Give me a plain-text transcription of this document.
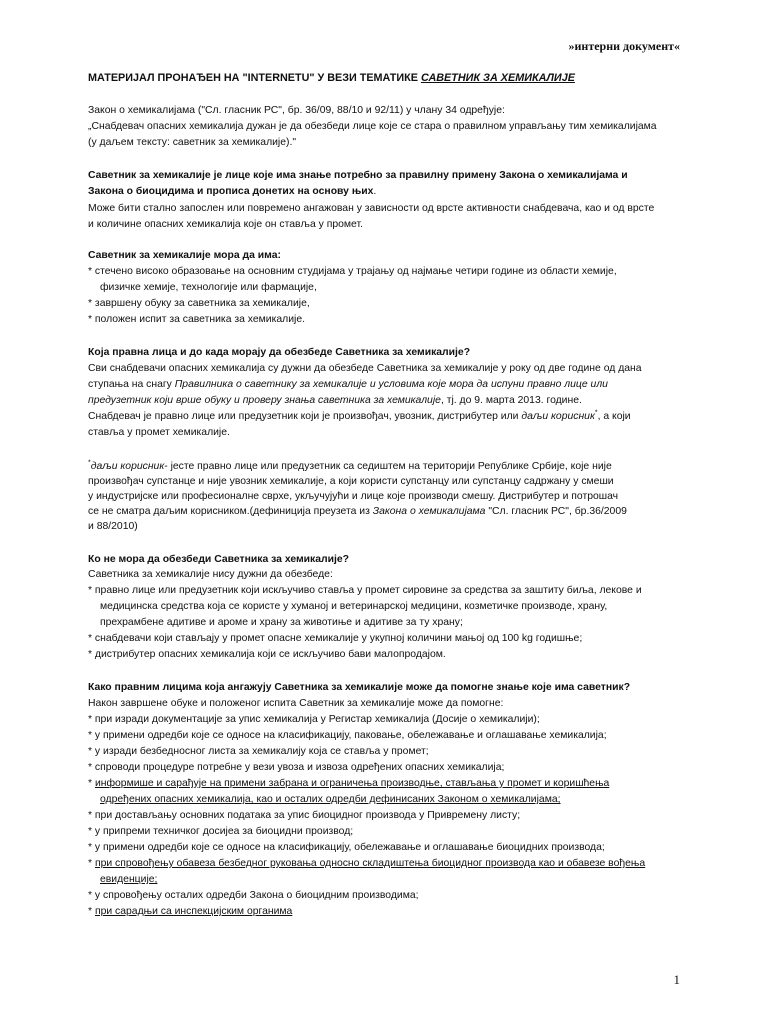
»интерни документ«
МАТЕРИЈАЛ ПРОНАЂЕН НА "INTERNETU" У ВЕЗИ ТЕМАТИКЕ САВЕТНИК ЗА ХЕМИКАЛИЈЕ
Закон о хемикалијама ("Сл. гласник РС", бр. 36/09, 88/10 и 92/11) у члану 34 одређује:
„Снабдевач опасних хемикалија дужан је да обезбеди лице које се стара о правилном управљању тим хемикалијама
(у даљем тексту: саветник за хемикалије)."
Саветник за хемикалије је лице које има знање потребно за правилну примену Закона о хемикалијама и
Закона о биоцидима и прописа донетих на основу њих.
Може бити стално запослен или повремено ангажован у зависности од врсте активности снабдевача, као и од врсте
и количине опасних хемикалија које он ставља у промет.
Саветник за хемикалије мора да има:
* стечено високо образовање на основним студијама у трајању од најмање четири године из области хемије,
физичке хемије, технологије или фармације,
* завршену обуку за саветника за хемикалије,
* положен испит за саветника за хемикалије.
Која правна лица и до када морају да обезбеде Саветника за хемикалије?
Сви снабдевачи опасних хемикалија су дужни да обезбеде Саветника за хемикалије у року од две године од дана
ступања на снагу Правилника о саветнику за хемикалије и условима које мора да испуни правно лице или
предузетник који врше обуку и проверу знања саветника за хемикалије, тј. до 9. марта 2013. године.
Снабдевач је правно лице или предузетник који је произвођач, увозник, дистрибутер или даљи корисник*, а који
ставља у промет хемикалије.
*даљи корисник- јесте правно лице или предузетник са седиштем на територији Републике Србије, које није
произвођач супстанце и није увозник хемикалије, а који користи супстанцу или супстанцу садржану у смеши
у индустријске или професионалне сврхе, укључујући и лице које производи смешу. Дистрибутер и потрошач
се не сматра даљим корисником.(дефиниција преузета из Закона о хемикалијама "Сл. гласник РС", бр.36/2009
и 88/2010)
Ко не мора да обезбеди Саветника за хемикалије?
Саветника за хемикалије нису дужни да обезбеде:
* правно лице или предузетник који искључиво ставља у промет сировине за средства за заштиту биља, лекове и
медицинска средства која се користе у хуманој и ветеринарској медицини, козметичке производе, храну,
прехрамбене адитиве и ароме и храну за животиње и адитиве за ту храну;
* снабдевачи који стављају у промет опасне хемикалије у укупној количини мањој од 100 kg годишње;
* дистрибутер опасних хемикалија који се искључиво бави малопродајом.
Како правним лицима која ангажују Саветника за хемикалије може да помогне знање које има саветник?
Након завршене обуке и положеног испита Саветник за хемикалије може да помогне:
* при изради документације за упис хемикалија у Регистар хемикалија (Досије о хемикалији);
* у примени одредби које се односе на класификацију, паковање, обележавање и оглашавање хемикалија;
* у изради безбедносног листа за хемикалију која се ставља у промет;
* спроводи процедуре потребне у вези увоза и извоза одређених опасних хемикалија;
* информише и сарађује на примени забрана и ограничења производње, стављања у промет и коришћења
одређених опасних хемикалија, као и осталих одредби дефинисаних Законом о хемикалијама;
* при достављању основних података за упис биоцидног производа у Привремену листу;
* у припреми техничког досијеа за биоцидни производ;
* у примени одредби које се односе на класификацију, обележавање и оглашавање биоцидних производа;
* при спровођењу обавеза безбедног руковања односно складиштења биоцидног производа као и обавезе вођења
евиденције;
* у спровођењу осталих одредби Закона о биоцидним производима;
* при сарадњи са инспекцијским органима
1
